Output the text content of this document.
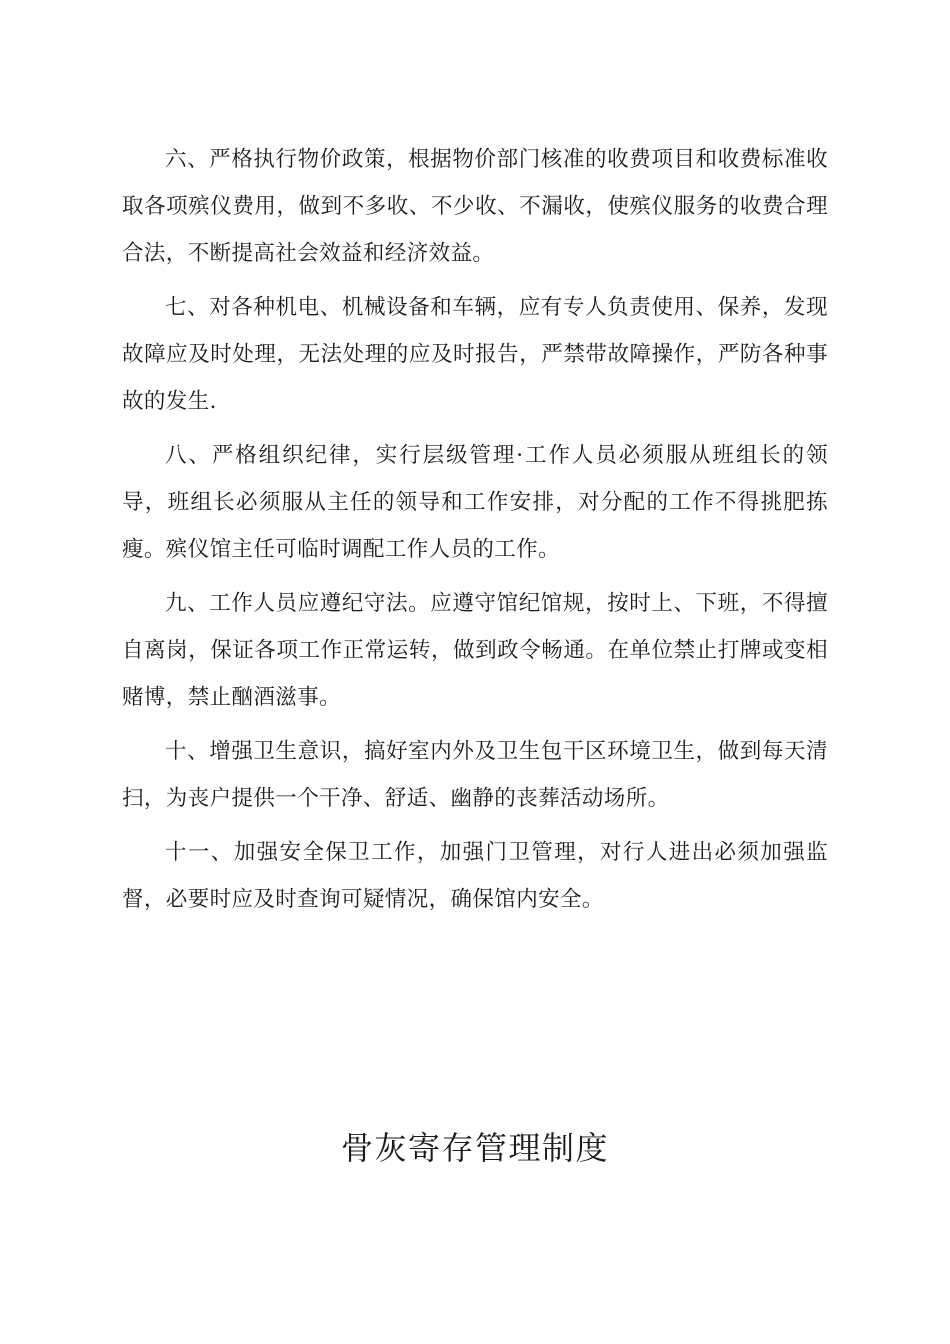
六、严格执行物价政策，根据物价部门核准的收费项目和收费标准收取各项殡仪费用，做到不多收、不少收、不漏收，使殡仪服务的收费合理合法，不断提高社会效益和经济效益。

七、对各种机电、机械设备和车辆，应有专人负责使用、保养，发现故障应及时处理，无法处理的应及时报告，严禁带故障操作，严防各种事故的发生.

八、严格组织纪律，实行层级管理·工作人员必须服从班组长的领导，班组长必须服从主任的领导和工作安排，对分配的工作不得挑肥拣瘦。殡仪馆主任可临时调配工作人员的工作。

九、工作人员应遵纪守法。应遵守馆纪馆规，按时上、下班，不得擅自离岗，保证各项工作正常运转，做到政令畅通。在单位禁止打牌或变相赌博，禁止酗酒滋事。

十、增强卫生意识，搞好室内外及卫生包干区环境卫生，做到每天清扫，为丧户提供一个干净、舒适、幽静的丧葬活动场所。

十一、加强安全保卫工作，加强门卫管理，对行人进出必须加强监督，必要时应及时查询可疑情况，确保馆内安全。

骨灰寄存管理制度
